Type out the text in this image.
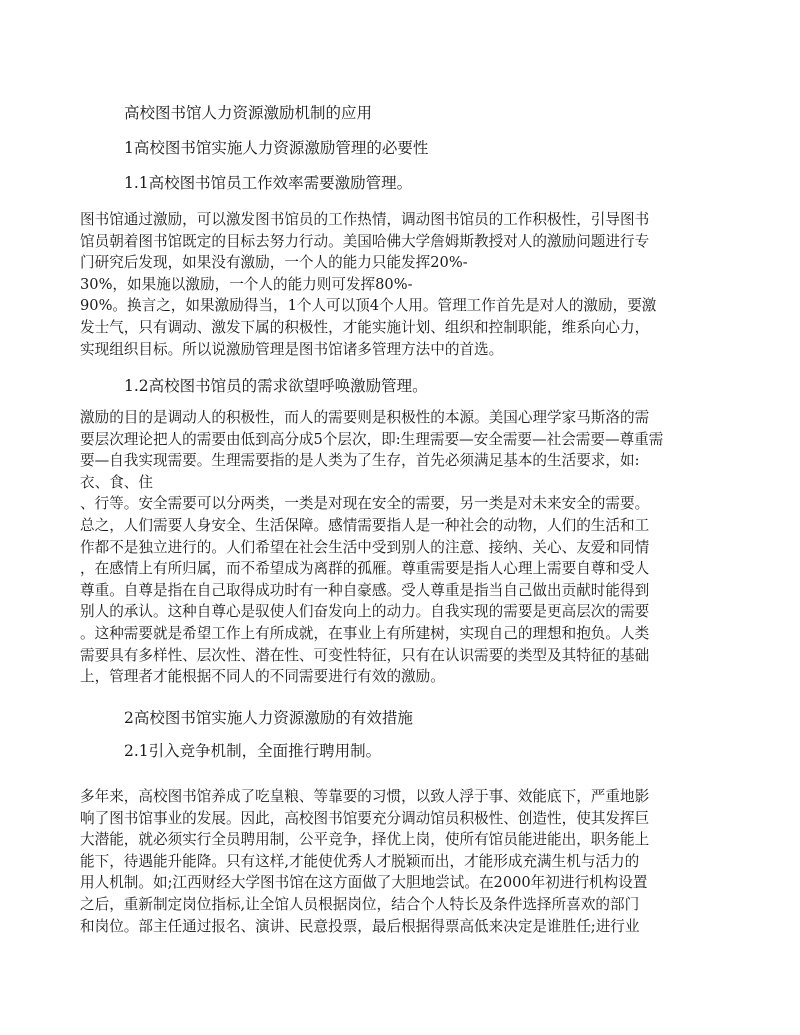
高校图书馆人力资源激励机制的应用
1高校图书馆实施人力资源激励管理的必要性
1.1高校图书馆员工作效率需要激励管理。
图书馆通过激励，可以激发图书馆员的工作热情，调动图书馆员的工作积极性，引导图书
馆员朝着图书馆既定的目标去努力行动。美国哈佛大学詹姆斯教授对人的激励问题进行专
门研究后发现，如果没有激励，一个人的能力只能发挥20%-
30%，如果施以激励，一个人的能力则可发挥80%-
90%。换言之，如果激励得当，1个人可以顶4个人用。管理工作首先是对人的激励，要激
发士气，只有调动、激发下属的积极性，才能实施计划、组织和控制职能，维系向心力，
实现组织目标。所以说激励管理是图书馆诸多管理方法中的首选。
1.2高校图书馆员的需求欲望呼唤激励管理。
激励的目的是调动人的积极性，而人的需要则是积极性的本源。美国心理学家马斯洛的需
要层次理论把人的需要由低到高分成5个层次，即:生理需要—安全需要—社会需要—尊重需
要—自我实现需要。生理需要指的是人类为了生存，首先必须满足基本的生活要求，如:
衣、食、住
、行等。安全需要可以分两类，一类是对现在安全的需要，另一类是对未来安全的需要。
总之，人们需要人身安全、生活保障。感情需要指人是一种社会的动物，人们的生活和工
作都不是独立进行的。人们希望在社会生活中受到别人的注意、接纳、关心、友爱和同情
，在感情上有所归属，而不希望成为离群的孤雁。尊重需要是指人心理上需要自尊和受人
尊重。自尊是指在自己取得成功时有一种自豪感。受人尊重是指当自己做出贡献时能得到
别人的承认。这种自尊心是驭使人们奋发向上的动力。自我实现的需要是更高层次的需要
。这种需要就是希望工作上有所成就，在事业上有所建树，实现自己的理想和抱负。人类
需要具有多样性、层次性、潜在性、可变性特征，只有在认识需要的类型及其特征的基础
上，管理者才能根据不同人的不同需要进行有效的激励。
2高校图书馆实施人力资源激励的有效措施
2.1引入竞争机制，全面推行聘用制。
多年来，高校图书馆养成了吃皇粮、等靠要的习惯，以致人浮于事、效能底下，严重地影
响了图书馆事业的发展。因此，高校图书馆要充分调动馆员积极性、创造性，使其发挥巨
大潜能，就必须实行全员聘用制，公平竞争，择优上岗，使所有馆员能进能出，职务能上
能下，待遇能升能降。只有这样,才能使优秀人才脱颖而出，才能形成充满生机与活力的
用人机制。如;江西财经大学图书馆在这方面做了大胆地尝试。在2000年初进行机构设置
之后，重新制定岗位指标,让全馆人员根据岗位，结合个人特长及条件选择所喜欢的部门
和岗位。部主任通过报名、演讲、民意投票，最后根据得票高低来决定是谁胜任;进行业
